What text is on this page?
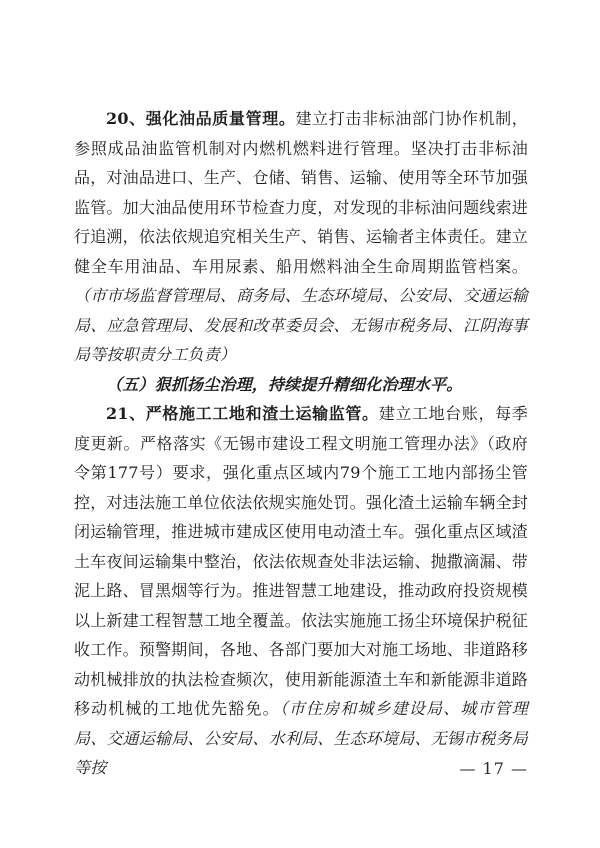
20、强化油品质量管理。建立打击非标油部门协作机制，参照成品油监管机制对内燃机燃料进行管理。坚决打击非标油品，对油品进口、生产、仓储、销售、运输、使用等全环节加强监管。加大油品使用环节检查力度，对发现的非标油问题线索进行追溯，依法依规追究相关生产、销售、运输者主体责任。建立健全车用油品、车用尿素、船用燃料油全生命周期监管档案。（市市场监督管理局、商务局、生态环境局、公安局、交通运输局、应急管理局、发展和改革委员会、无锡市税务局、江阴海事局等按职责分工负责）

（五）狠抓扬尘治理，持续提升精细化治理水平。

21、严格施工工地和渣土运输监管。建立工地台账，每季度更新。严格落实《无锡市建设工程文明施工管理办法》（政府令第177号）要求，强化重点区域内79个施工工地内部扬尘管控，对违法施工单位依法依规实施处罚。强化渣土运输车辆全封闭运输管理，推进城市建成区使用电动渣土车。强化重点区域渣土车夜间运输集中整治，依法依规查处非法运输、抛撒滴漏、带泥上路、冒黑烟等行为。推进智慧工地建设，推动政府投资规模以上新建工程智慧工地全覆盖。依法实施施工扬尘环境保护税征收工作。预警期间，各地、各部门要加大对施工场地、非道路移动机械排放的执法检查频次，使用新能源渣土车和新能源非道路移动机械的工地优先豁免。（市住房和城乡建设局、城市管理局、交通运输局、公安局、水利局、生态环境局、无锡市税务局等按	— 17 —
